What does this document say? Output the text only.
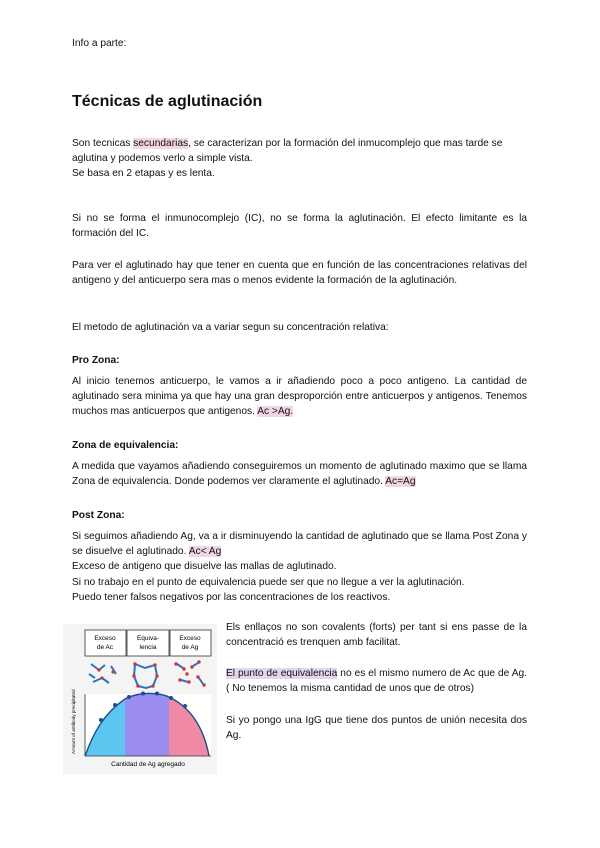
Info a parte:
Técnicas de aglutinación
Son tecnicas secundarias, se caracterizan por la formación del inmucomplejo que mas tarde se aglutina y podemos verlo a simple vista.
Se basa en 2 etapas y es lenta.
Si no se forma el inmunocomplejo (IC), no se forma la aglutinación. El efecto limitante es la formación del IC.
Para ver el aglutinado hay que tener en cuenta que en función de las concentraciones relativas del antigeno y del anticuerpo sera mas o menos evidente la formación de la aglutinación.
El metodo de aglutinación va a variar segun su concentración relativa:
Pro Zona:
Al inicio tenemos anticuerpo, le vamos a ir añadiendo poco a poco antigeno. La cantidad de aglutinado sera minima ya que hay una gran desproporción entre anticuerpos y antigenos. Tenemos muchos mas anticuerpos que antigenos. Ac >Ag.
Zona de equivalencia:
A medida que vayamos añadiendo conseguiremos un momento de aglutinado maximo que se llama Zona de equivalencia. Donde podemos ver claramente el aglutinado. Ac=Ag
Post Zona:
Si seguimos añadiendo Ag, va a ir disminuyendo la cantidad de aglutinado que se llama Post Zona y se disuelve el aglutinado. Ac< Ag
Exceso de antigeno que disuelve las mallas de aglutinado.
Si no trabajo en el punto de equivalencia puede ser que no llegue a ver la aglutinación.
Puedo tener falsos negativos por las concentraciones de los reactivos.
Exceso
de Ac
Equiva-
lencia
Exceso
de Ag
Amount of antibody precipitated
Cantidad de Ag agregado
Els enllaços no son covalents (forts) per tant si ens passe de la concentració es trenquen amb facilitat.
El punto de equivalencia no es el mismo numero de Ac que de Ag. ( No tenemos la misma cantidad de unos que de otros)
Si yo pongo una IgG que tiene dos puntos de unión necesita dos Ag.
